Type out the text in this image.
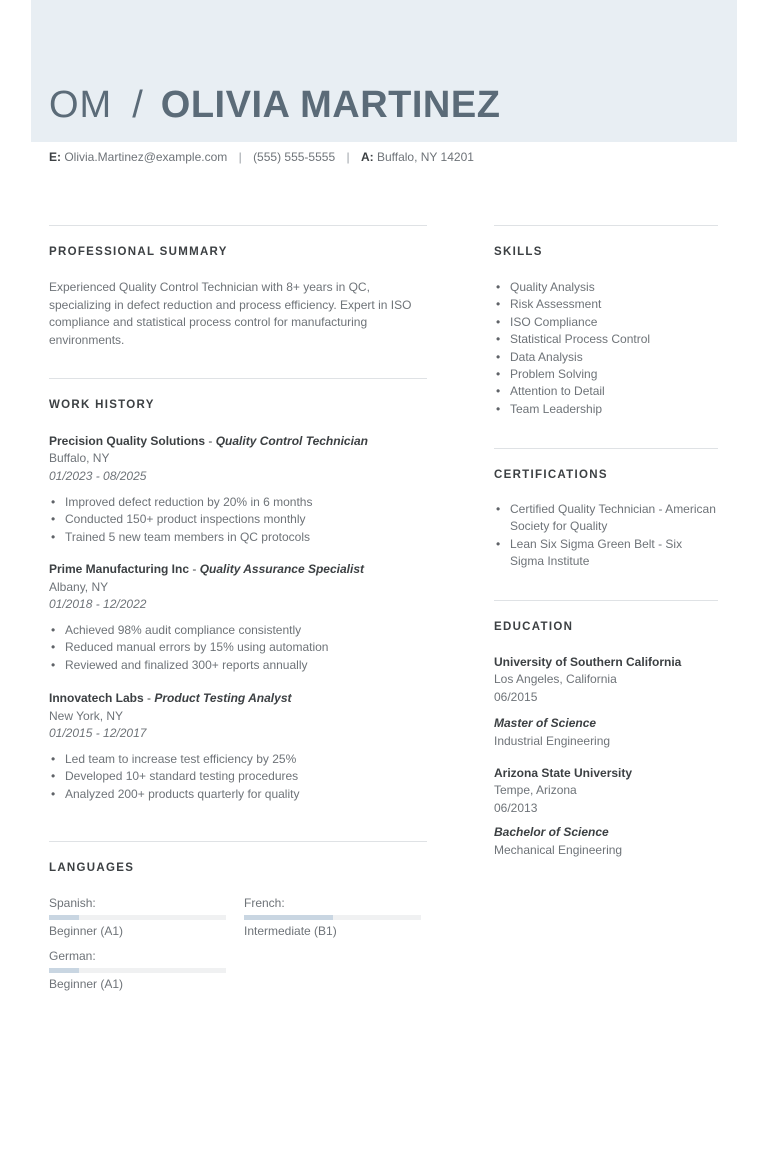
OM / OLIVIA MARTINEZ
E: Olivia.Martinez@example.com | (555) 555-5555 | A: Buffalo, NY 14201
PROFESSIONAL SUMMARY
Experienced Quality Control Technician with 8+ years in QC, specializing in defect reduction and process efficiency. Expert in ISO compliance and statistical process control for manufacturing environments.
WORK HISTORY
Precision Quality Solutions - Quality Control Technician
Buffalo, NY
01/2023 - 08/2025
• Improved defect reduction by 20% in 6 months
• Conducted 150+ product inspections monthly
• Trained 5 new team members in QC protocols
Prime Manufacturing Inc - Quality Assurance Specialist
Albany, NY
01/2018 - 12/2022
• Achieved 98% audit compliance consistently
• Reduced manual errors by 15% using automation
• Reviewed and finalized 300+ reports annually
Innovatech Labs - Product Testing Analyst
New York, NY
01/2015 - 12/2017
• Led team to increase test efficiency by 25%
• Developed 10+ standard testing procedures
• Analyzed 200+ products quarterly for quality
LANGUAGES
Spanish:
Beginner (A1)
French:
Intermediate (B1)
German:
Beginner (A1)
SKILLS
• Quality Analysis
• Risk Assessment
• ISO Compliance
• Statistical Process Control
• Data Analysis
• Problem Solving
• Attention to Detail
• Team Leadership
CERTIFICATIONS
• Certified Quality Technician - American Society for Quality
• Lean Six Sigma Green Belt - Six Sigma Institute
EDUCATION
University of Southern California
Los Angeles, California
06/2015
Master of Science
Industrial Engineering
Arizona State University
Tempe, Arizona
06/2013
Bachelor of Science
Mechanical Engineering
